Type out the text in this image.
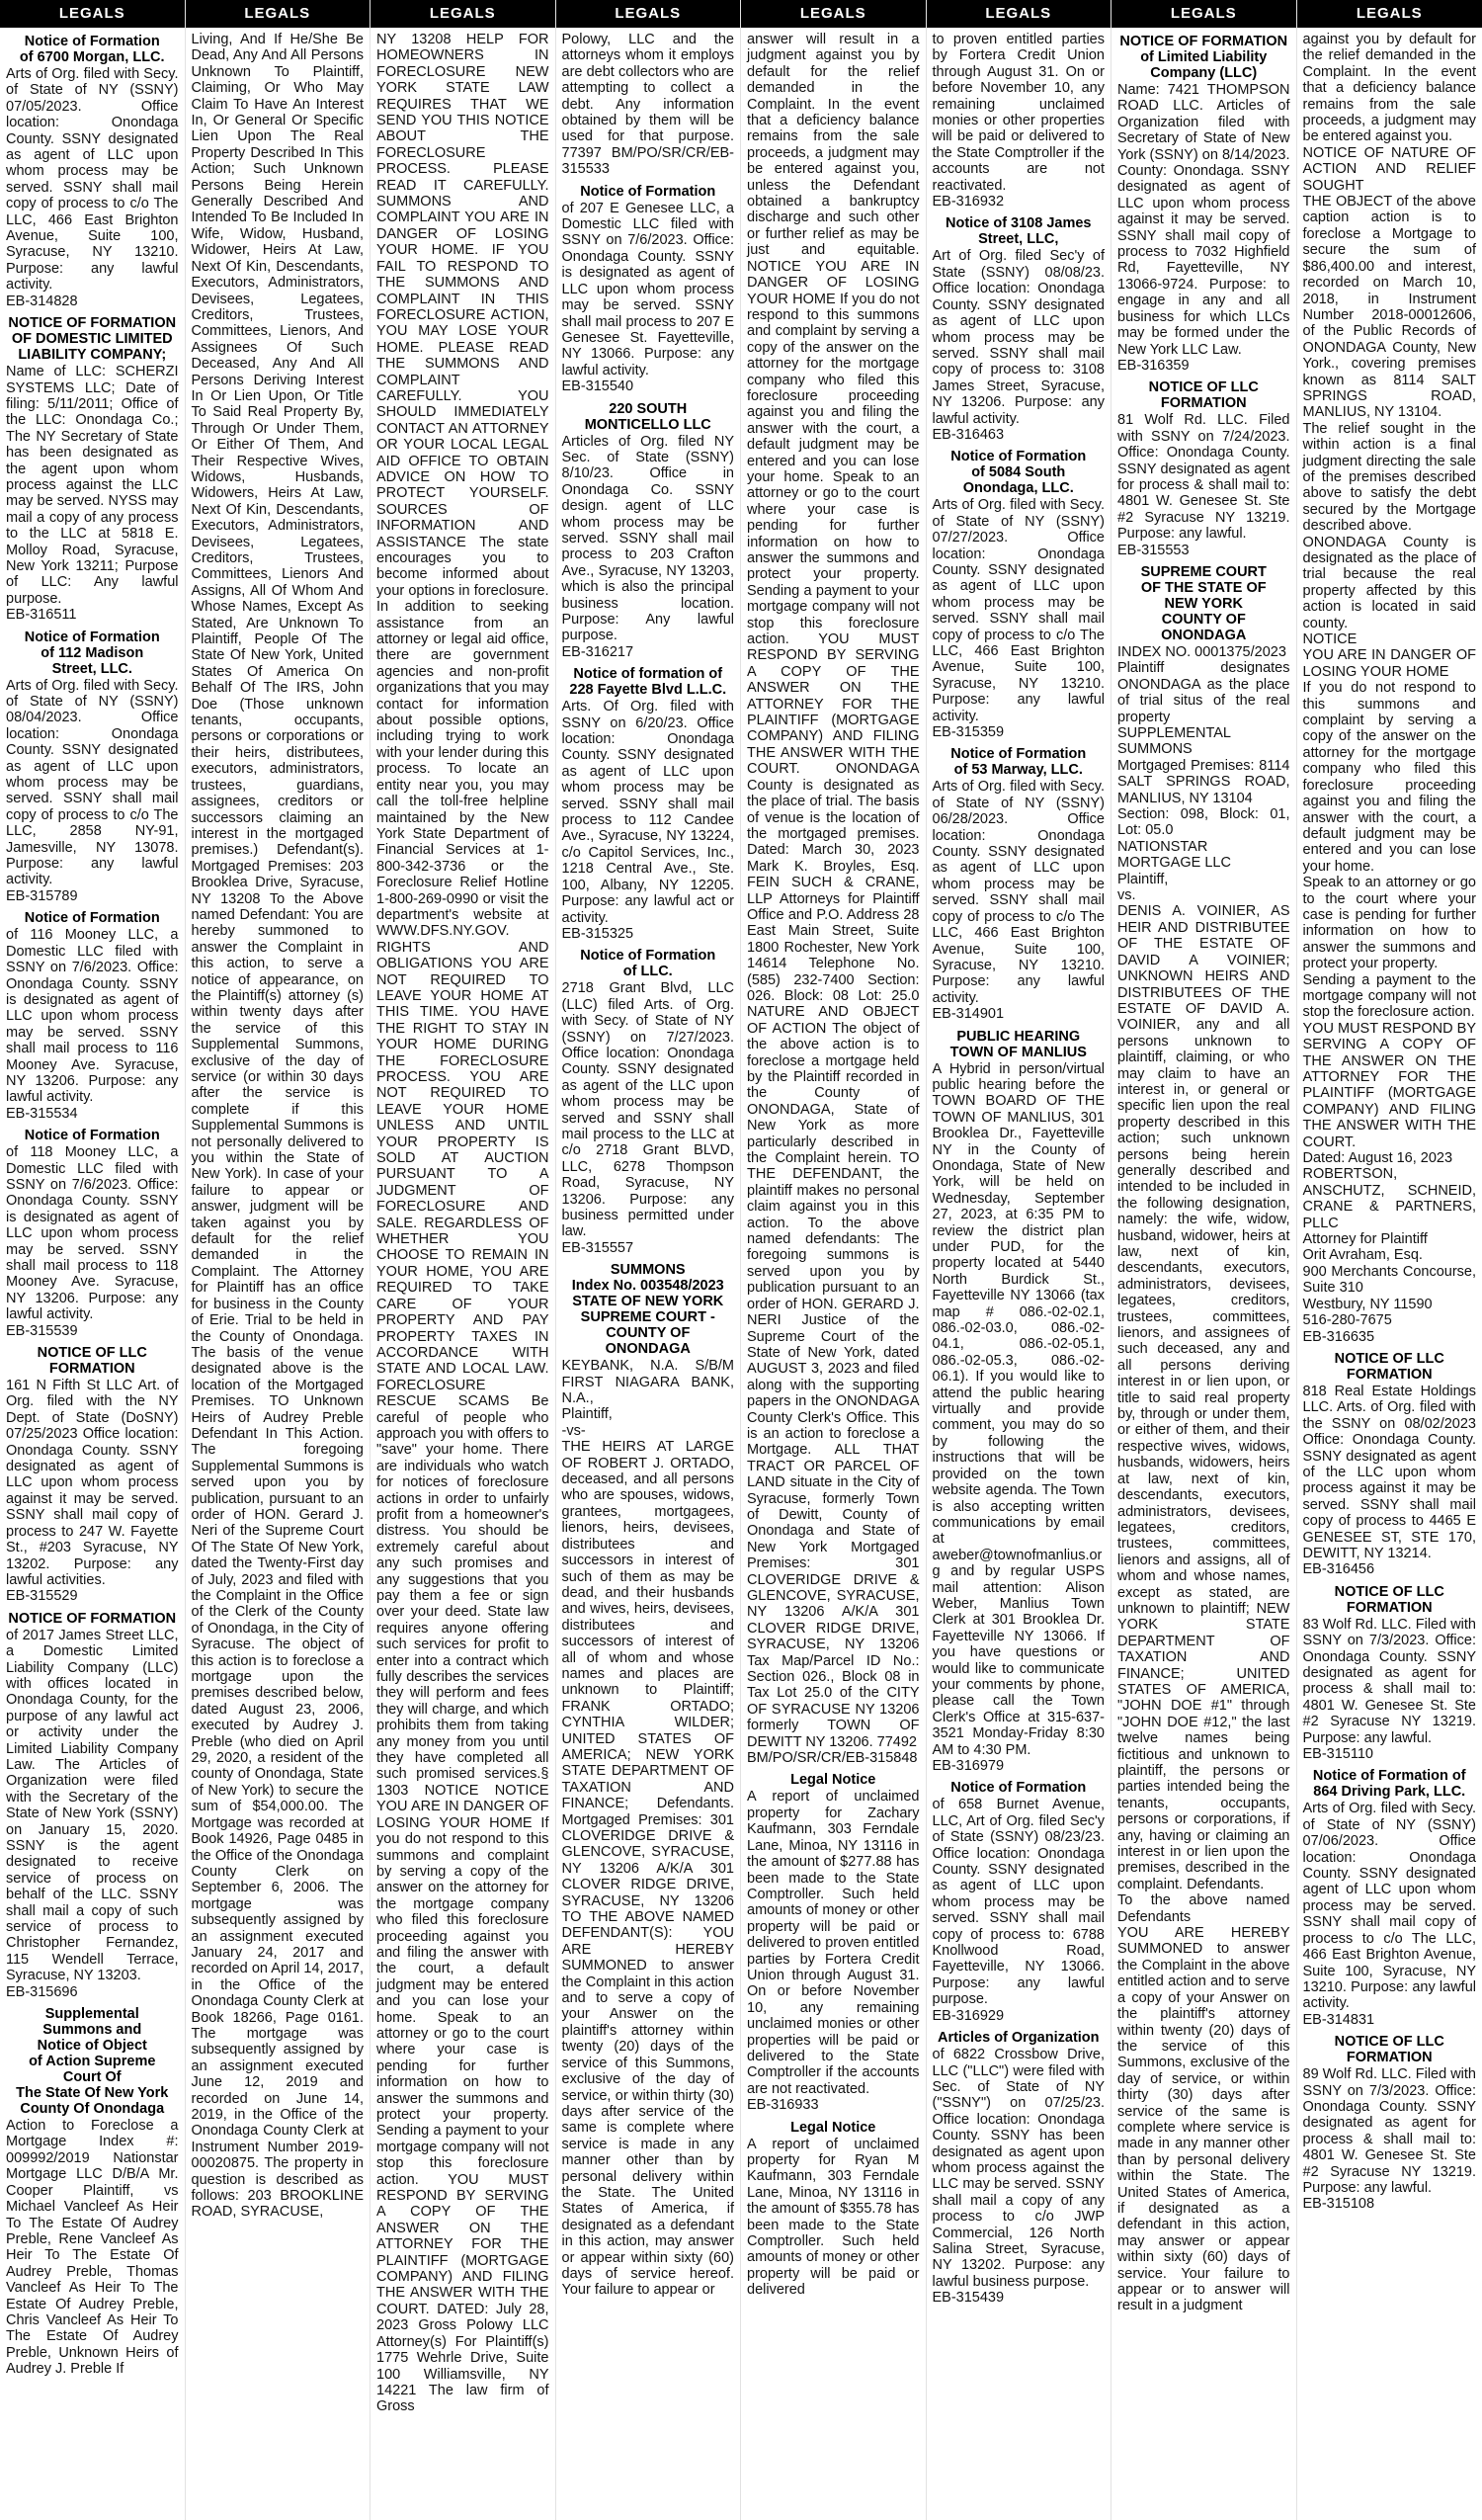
LEGALS
Notice of Formation
of 6700 Morgan, LLC.
Arts of Org. filed with Secy. of State of NY (SSNY) 07/05/2023. Office location: Onondaga County. SSNY designated as agent of LLC upon whom process may be served. SSNY shall mail copy of process to c/o The LLC, 466 East Brighton Avenue, Suite 100, Syracuse, NY 13210. Purpose: any lawful activity.
EB-314828
NOTICE OF FORMATION
OF DOMESTIC LIMITED
LIABILITY COMPANY;
Name of LLC: SCHERZI SYSTEMS LLC; Date of filing: 5/11/2011; Office of the LLC: Onondaga Co.; The NY Secretary of State has been designated as the agent upon whom process against the LLC may be served. NYSS may mail a copy of any process to the LLC at 5818 E. Molloy Road, Syracuse, New York 13211; Purpose of LLC: Any lawful purpose.
EB-316511
Notice of Formation
of 112 Madison
Street, LLC.
Arts of Org. filed with Secy. of State of NY (SSNY) 08/04/2023. Office location: Onondaga County. SSNY designated as agent of LLC upon whom process may be served. SSNY shall mail copy of process to c/o The LLC, 2858 NY-91, Jamesville, NY 13078. Purpose: any lawful activity.
EB-315789
Notice of Formation
of 116 Mooney LLC, a Domestic LLC filed with SSNY on 7/6/2023. Office: Onondaga County. SSNY is designated as agent of LLC upon whom process may be served. SSNY shall mail process to 116 Mooney Ave. Syracuse, NY 13206. Purpose: any lawful activity.
EB-315534
Notice of Formation
of 118 Mooney LLC, a Domestic LLC filed with SSNY on 7/6/2023. Office: Onondaga County. SSNY is designated as agent of LLC upon whom process may be served. SSNY shall mail process to 118 Mooney Ave. Syracuse, NY 13206. Purpose: any lawful activity.
EB-315539
NOTICE OF LLC
FORMATION
161 N Fifth St LLC Art. of Org. filed with the NY Dept. of State (DoSNY) 07/25/2023 Office location: Onondaga County. SSNY designated as agent of LLC upon whom process against it may be served. SSNY shall mail copy of process to 247 W. Fayette St., #203 Syracuse, NY 13202. Purpose: any lawful activities.
EB-315529
NOTICE OF FORMATION
of 2017 James Street LLC, a Domestic Limited Liability Company (LLC) with offices located in Onondaga County, for the purpose of any lawful act or activity under the Limited Liability Company Law. The Articles of Organization were filed with the Secretary of the State of New York (SSNY) on January 15, 2020. SSNY is the agent designated to receive service of process on behalf of the LLC. SSNY shall mail a copy of such service of process to Christopher Fernandez, 115 Wendell Terrace, Syracuse, NY 13203.
EB-315696
Supplemental
Summons and
Notice of Object
of Action Supreme
Court Of
The State Of New York
County Of Onondaga
Action to Foreclose a Mortgage Index #: 009992/2019 Nationstar Mortgage LLC D/B/A Mr. Cooper Plaintiff, vs Michael Vancleef As Heir To The Estate Of Audrey Preble, Rene Vancleef As Heir To The Estate Of Audrey Preble, Thomas Vancleef As Heir To The Estate Of Audrey Preble, Chris Vancleef As Heir To The Estate Of Audrey Preble, Unknown Heirs of Audrey J. Preble If
LEGALS
Living, And If He/She Be Dead, Any And All Persons Unknown To Plaintiff, Claiming, Or Who May Claim To Have An Interest In, Or General Or Specific Lien Upon The Real Property Described In This Action; Such Unknown Persons Being Herein Generally Described And Intended To Be Included In Wife, Widow, Husband, Widower, Heirs At Law, Next Of Kin, Descendants, Executors, Administrators, Devisees, Legatees, Creditors, Trustees, Committees, Lienors, And Assignees Of Such Deceased, Any And All Persons Deriving Interest In Or Lien Upon, Or Title To Said Real Property By, Through Or Under Them, Or Either Of Them, And Their Respective Wives, Widows, Husbands, Widowers, Heirs At Law, Next Of Kin, Descendants, Executors, Administrators, Devisees, Legatees, Creditors, Trustees, Committees, Lienors And Assigns, All Of Whom And Whose Names, Except As Stated, Are Unknown To Plaintiff, People Of The State Of New York, United States Of America On Behalf Of The IRS, John Doe (Those unknown tenants, occupants, persons or corporations or their heirs, distributees, executors, administrators, trustees, guardians, assignees, creditors or successors claiming an interest in the mortgaged premises.) Defendant(s). Mortgaged Premises: 203 Brooklea Drive, Syracuse, NY 13208 To the Above named Defendant: You are hereby summoned to answer the Complaint in this action, to serve a notice of appearance, on the Plaintiff(s) attorney (s) within twenty days after the service of this Supplemental Summons, exclusive of the day of service (or within 30 days after the service is complete if this Supplemental Summons is not personally delivered to you within the State of New York). In case of your failure to appear or answer, judgment will be taken against you by default for the relief demanded in the Complaint. The Attorney for Plaintiff has an office for business in the County of Erie. Trial to be held in the County of Onondaga. The basis of the venue designated above is the location of the Mortgaged Premises. TO Unknown Heirs of Audrey Preble Defendant In This Action. The foregoing Supplemental Summons is served upon you by publication, pursuant to an order of HON. Gerard J. Neri of the Supreme Court Of The State Of New York, dated the Twenty-First day of July, 2023 and filed with the Complaint in the Office of the Clerk of the County of Onondaga, in the City of Syracuse. The object of this action is to foreclose a mortgage upon the premises described below, dated August 23, 2006, executed by Audrey J. Preble (who died on April 29, 2020, a resident of the county of Onondaga, State of New York) to secure the sum of $54,000.00. The Mortgage was recorded at Book 14926, Page 0485 in the Office of the Onondaga County Clerk on September 6, 2006. The mortgage was subsequently assigned by an assignment executed January 24, 2017 and recorded on April 14, 2017, in the Office of the Onondaga County Clerk at Book 18266, Page 0161. The mortgage was subsequently assigned by an assignment executed June 12, 2019 and recorded on June 14, 2019, in the Office of the Onondaga County Clerk at Instrument Number 2019-00020875. The property in question is described as follows: 203 BROOKLINE ROAD, SYRACUSE,
LEGALS
NY 13208 HELP FOR HOMEOWNERS IN FORECLOSURE NEW YORK STATE LAW REQUIRES THAT WE SEND YOU THIS NOTICE ABOUT THE FORECLOSURE PROCESS. PLEASE READ IT CAREFULLY. SUMMONS AND COMPLAINT YOU ARE IN DANGER OF LOSING YOUR HOME. IF YOU FAIL TO RESPOND TO THE SUMMONS AND COMPLAINT IN THIS FORECLOSURE ACTION, YOU MAY LOSE YOUR HOME. PLEASE READ THE SUMMONS AND COMPLAINT CAREFULLY. YOU SHOULD IMMEDIATELY CONTACT AN ATTORNEY OR YOUR LOCAL LEGAL AID OFFICE TO OBTAIN ADVICE ON HOW TO PROTECT YOURSELF. SOURCES OF INFORMATION AND ASSISTANCE The state encourages you to become informed about your options in foreclosure. In addition to seeking assistance from an attorney or legal aid office, there are government agencies and non-profit organizations that you may contact for information about possible options, including trying to work with your lender during this process. To locate an entity near you, you may call the toll-free helpline maintained by the New York State Department of Financial Services at 1-800-342-3736 or the Foreclosure Relief Hotline 1-800-269-0990 or visit the department's website at WWW.DFS.NY.GOV. RIGHTS AND OBLIGATIONS YOU ARE NOT REQUIRED TO LEAVE YOUR HOME AT THIS TIME. YOU HAVE THE RIGHT TO STAY IN YOUR HOME DURING THE FORECLOSURE PROCESS. YOU ARE NOT REQUIRED TO LEAVE YOUR HOME UNLESS AND UNTIL YOUR PROPERTY IS SOLD AT AUCTION PURSUANT TO A JUDGMENT OF FORECLOSURE AND SALE. REGARDLESS OF WHETHER YOU CHOOSE TO REMAIN IN YOUR HOME, YOU ARE REQUIRED TO TAKE CARE OF YOUR PROPERTY AND PAY PROPERTY TAXES IN ACCORDANCE WITH STATE AND LOCAL LAW. FORECLOSURE RESCUE SCAMS Be careful of people who approach you with offers to "save" your home. There are individuals who watch for notices of foreclosure actions in order to unfairly profit from a homeowner's distress. You should be extremely careful about any such promises and any suggestions that you pay them a fee or sign over your deed. State law requires anyone offering such services for profit to enter into a contract which fully describes the services they will perform and fees they will charge, and which prohibits them from taking any money from you until they have completed all such promised services.§ 1303 NOTICE NOTICE YOU ARE IN DANGER OF LOSING YOUR HOME If you do not respond to this summons and complaint by serving a copy of the answer on the attorney for the mortgage company who filed this foreclosure proceeding against you and filing the answer with the court, a default judgment may be entered and you can lose your home. Speak to an attorney or go to the court where your case is pending for further information on how to answer the summons and protect your property. Sending a payment to your mortgage company will not stop this foreclosure action. YOU MUST RESPOND BY SERVING A COPY OF THE ANSWER ON THE ATTORNEY FOR THE PLAINTIFF (MORTGAGE COMPANY) AND FILING THE ANSWER WITH THE COURT. DATED: July 28, 2023 Gross Polowy LLC Attorney(s) For Plaintiff(s) 1775 Wehrle Drive, Suite 100 Williamsville, NY 14221 The law firm of Gross
LEGALS
Polowy, LLC and the attorneys whom it employs are debt collectors who are attempting to collect a debt. Any information obtained by them will be used for that purpose. 77397 BM/PO/SR/CR/EB-315533
Notice of Formation
of 207 E Genesee LLC, a Domestic LLC filed with SSNY on 7/6/2023. Office: Onondaga County. SSNY is designated as agent of LLC upon whom process may be served. SSNY shall mail process to 207 E Genesee St. Fayetteville, NY 13066. Purpose: any lawful activity.
EB-315540
220 SOUTH
MONTICELLO LLC
Articles of Org. filed NY Sec. of State (SSNY) 8/10/23. Office in Onondaga Co. SSNY design. agent of LLC whom process may be served. SSNY shall mail process to 203 Crafton Ave., Syracuse, NY 13203, which is also the principal business location. Purpose: Any lawful purpose.
EB-316217
Notice of formation of
228 Fayette Blvd L.L.C.
Arts. Of Org. filed with SSNY on 6/20/23. Office location: Onondaga County. SSNY designated as agent of LLC upon whom process may be served. SSNY shall mail process to 112 Candee Ave., Syracuse, NY 13224, c/o Capitol Services, Inc., 1218 Central Ave., Ste. 100, Albany, NY 12205. Purpose: any lawful act or activity.
EB-315325
Notice of Formation
of LLC.
2718 Grant Blvd, LLC (LLC) filed Arts. of Org. with Secy. of State of NY (SSNY) on 7/27/2023. Office location: Onondaga County. SSNY designated as agent of the LLC upon whom process may be served and SSNY shall mail process to the LLC at c/o 2718 Grant BLVD, LLC, 6278 Thompson Road, Syracuse, NY 13206. Purpose: any business permitted under law.
EB-315557
SUMMONS
Index No. 003548/2023
STATE OF NEW YORK
SUPREME COURT -
COUNTY OF ONONDAGA
KEYBANK, N.A. S/B/M FIRST NIAGARA BANK, N.A.,
Plaintiff,
-vs-
THE HEIRS AT LARGE OF ROBERT J. ORTADO, deceased, and all persons who are spouses, widows, grantees, mortgagees, lienors, heirs, devisees, distributees and successors in interest of such of them as may be dead, and their husbands and wives, heirs, devisees, distributees and successors of interest of all of whom and whose names and places are unknown to Plaintiff; FRANK ORTADO; CYNTHIA WILDER; UNITED STATES OF AMERICA; NEW YORK STATE DEPARTMENT OF TAXATION AND FINANCE; Defendants. Mortgaged Premises: 301 CLOVERIDGE DRIVE & GLENCOVE, SYRACUSE, NY 13206 A/K/A 301 CLOVER RIDGE DRIVE, SYRACUSE, NY 13206 TO THE ABOVE NAMED DEFENDANT(S): YOU ARE HEREBY SUMMONED to answer the Complaint in this action and to serve a copy of your Answer on the plaintiff's attorney within twenty (20) days of the service of this Summons, exclusive of the day of service, or within thirty (30) days after service of the same is complete where service is made in any manner other than by personal delivery within the State. The United States of America, if designated as a defendant in this action, may answer or appear within sixty (60) days of service hereof. Your failure to appear or
LEGALS
answer will result in a judgment against you by default for the relief demanded in the Complaint. In the event that a deficiency balance remains from the sale proceeds, a judgment may be entered against you, unless the Defendant obtained a bankruptcy discharge and such other or further relief as may be just and equitable. NOTICE YOU ARE IN DANGER OF LOSING YOUR HOME If you do not respond to this summons and complaint by serving a copy of the answer on the attorney for the mortgage company who filed this foreclosure proceeding against you and filing the answer with the court, a default judgment may be entered and you can lose your home. Speak to an attorney or go to the court where your case is pending for further information on how to answer the summons and protect your property. Sending a payment to your mortgage company will not stop this foreclosure action. YOU MUST RESPOND BY SERVING A COPY OF THE ANSWER ON THE ATTORNEY FOR THE PLAINTIFF (MORTGAGE COMPANY) AND FILING THE ANSWER WITH THE COURT. ONONDAGA County is designated as the place of trial. The basis of venue is the location of the mortgaged premises. Dated: March 30, 2023 Mark K. Broyles, Esq. FEIN SUCH & CRANE, LLP Attorneys for Plaintiff Office and P.O. Address 28 East Main Street, Suite 1800 Rochester, New York 14614 Telephone No. (585) 232-7400 Section: 026. Block: 08 Lot: 25.0 NATURE AND OBJECT OF ACTION The object of the above action is to foreclose a mortgage held by the Plaintiff recorded in the County of ONONDAGA, State of New York as more particularly described in the Complaint herein. TO THE DEFENDANT, the plaintiff makes no personal claim against you in this action. To the above named defendants: The foregoing summons is served upon you by publication pursuant to an order of HON. GERARD J. NERI Justice of the Supreme Court of the State of New York, dated AUGUST 3, 2023 and filed along with the supporting papers in the ONONDAGA County Clerk's Office. This is an action to foreclose a Mortgage. ALL THAT TRACT OR PARCEL OF LAND situate in the City of Syracuse, formerly Town of Dewitt, County of Onondaga and State of New York Mortgaged Premises: 301 CLOVERIDGE DRIVE & GLENCOVE, SYRACUSE, NY 13206 A/K/A 301 CLOVER RIDGE DRIVE, SYRACUSE, NY 13206 Tax Map/Parcel ID No.: Section 026., Block 08 in Tax Lot 25.0 of the CITY OF SYRACUSE NY 13206 formerly TOWN OF DEWITT NY 13206. 77492
BM/PO/SR/CR/EB-315848
Legal Notice
A report of unclaimed property for Zachary Kaufmann, 303 Ferndale Lane, Minoa, NY 13116 in the amount of $277.88 has been made to the State Comptroller. Such held amounts of money or other property will be paid or delivered to proven entitled parties by Fortera Credit Union through August 31. On or before November 10, any remaining unclaimed monies or other properties will be paid or delivered to the State Comptroller if the accounts are not reactivated.
EB-316933
Legal Notice
A report of unclaimed property for Ryan M Kaufmann, 303 Ferndale Lane, Minoa, NY 13116 in the amount of $355.78 has been made to the State Comptroller. Such held amounts of money or other property will be paid or delivered
LEGALS
to proven entitled parties by Fortera Credit Union through August 31. On or before November 10, any remaining unclaimed monies or other properties will be paid or delivered to the State Comptroller if the accounts are not reactivated.
EB-316932
Notice of 3108 James
Street, LLC,
Art of Org. filed Sec'y of State (SSNY) 08/08/23. Office location: Onondaga County. SSNY designated as agent of LLC upon whom process may be served. SSNY shall mail copy of process to: 3108 James Street, Syracuse, NY 13206. Purpose: any lawful activity.
EB-316463
Notice of Formation
of 5084 South
Onondaga, LLC.
Arts of Org. filed with Secy. of State of NY (SSNY) 07/27/2023. Office location: Onondaga County. SSNY designated as agent of LLC upon whom process may be served. SSNY shall mail copy of process to c/o The LLC, 466 East Brighton Avenue, Suite 100, Syracuse, NY 13210. Purpose: any lawful activity.
EB-315359
Notice of Formation
of 53 Marway, LLC.
Arts of Org. filed with Secy. of State of NY (SSNY) 06/28/2023. Office location: Onondaga County. SSNY designated as agent of LLC upon whom process may be served. SSNY shall mail copy of process to c/o The LLC, 466 East Brighton Avenue, Suite 100, Syracuse, NY 13210. Purpose: any lawful activity.
EB-314901
PUBLIC HEARING
TOWN OF MANLIUS
A Hybrid in person/virtual public hearing before the TOWN BOARD OF THE TOWN OF MANLIUS, 301 Brooklea Dr., Fayetteville NY in the County of Onondaga, State of New York, will be held on Wednesday, September 27, 2023, at 6:35 PM to review the district plan under PUD, for the property located at 5440 North Burdick St., Fayetteville NY 13066 (tax map # 086.-02-02.1, 086.-02-03.0, 086.-02-04.1, 086.-02-05.1, 086.-02-05.3, 086.-02-06.1). If you would like to attend the public hearing virtually and provide comment, you may do so by following the instructions that will be provided on the town website agenda. The Town is also accepting written communications by email at aweber@townofmanlius.org and by regular USPS mail attention: Alison Weber, Manlius Town Clerk at 301 Brooklea Dr. Fayetteville NY 13066. If you have questions or would like to communicate your comments by phone, please call the Town Clerk's Office at 315-637-3521 Monday-Friday 8:30 AM to 4:30 PM.
EB-316979
Notice of Formation
of 658 Burnet Avenue, LLC, Art of Org. filed Sec'y of State (SSNY) 08/23/23. Office location: Onondaga County. SSNY designated as agent of LLC upon whom process may be served. SSNY shall mail copy of process to: 6788 Knollwood Road, Fayetteville, NY 13066. Purpose: any lawful purpose.
EB-316929
Articles of Organization
of 6822 Crossbow Drive, LLC ("LLC") were filed with Sec. of State of NY ("SSNY") on 07/25/23. Office location: Onondaga County. SSNY has been designated as agent upon whom process against the LLC may be served. SSNY shall mail a copy of any process to c/o JWP Commercial, 126 North Salina Street, Syracuse, NY 13202. Purpose: any lawful business purpose.
EB-315439
LEGALS
NOTICE OF FORMATION
of Limited Liability
Company (LLC)
Name: 7421 THOMPSON ROAD LLC. Articles of Organization filed with Secretary of State of New York (SSNY) on 8/14/2023. County: Onondaga. SSNY designated as agent of LLC upon whom process against it may be served. SSNY shall mail copy of process to 7032 Highfield Rd, Fayetteville, NY 13066-9724. Purpose: to engage in any and all business for which LLCs may be formed under the New York LLC Law.
EB-316359
NOTICE OF LLC
FORMATION
81 Wolf Rd. LLC. Filed with SSNY on 7/24/2023. Office: Onondaga County. SSNY designated as agent for process & shall mail to: 4801 W. Genesee St. Ste #2 Syracuse NY 13219. Purpose: any lawful.
EB-315553
SUPREME COURT
OF THE STATE OF
NEW YORK
COUNTY OF ONONDAGA
INDEX NO. 0001375/2023
Plaintiff designates ONONDAGA as the place of trial situs of the real property
SUPPLEMENTAL SUMMONS
Mortgaged Premises: 8114 SALT SPRINGS ROAD, MANLIUS, NY 13104
Section: 098, Block: 01, Lot: 05.0
NATIONSTAR MORTGAGE LLC
Plaintiff,
vs.
DENIS A. VOINIER, AS HEIR AND DISTRIBUTEE OF THE ESTATE OF DAVID A VOINIER; UNKNOWN HEIRS AND DISTRIBUTEES OF THE ESTATE OF DAVID A. VOINIER, any and all persons unknown to plaintiff, claiming, or who may claim to have an interest in, or general or specific lien upon the real property described in this action; such unknown persons being herein generally described and intended to be included in the following designation, namely: the wife, widow, husband, widower, heirs at law, next of kin, descendants, executors, administrators, devisees, legatees, creditors, trustees, committees, lienors, and assignees of such deceased, any and all persons deriving interest in or lien upon, or title to said real property by, through or under them, or either of them, and their respective wives, widows, husbands, widowers, heirs at law, next of kin, descendants, executors, administrators, devisees, legatees, creditors, trustees, committees, lienors and assigns, all of whom and whose names, except as stated, are unknown to plaintiff; NEW YORK STATE DEPARTMENT OF TAXATION AND FINANCE; UNITED STATES OF AMERICA, "JOHN DOE #1" through "JOHN DOE #12," the last twelve names being fictitious and unknown to plaintiff, the persons or parties intended being the tenants, occupants, persons or corporations, if any, having or claiming an interest in or lien upon the premises, described in the complaint. Defendants.
To the above named Defendants
YOU ARE HEREBY SUMMONED to answer the Complaint in the above entitled action and to serve a copy of your Answer on the plaintiff's attorney within twenty (20) days of the service of this Summons, exclusive of the day of service, or within thirty (30) days after service of the same is complete where service is made in any manner other than by personal delivery within the State. The United States of America, if designated as a defendant in this action, may answer or appear within sixty (60) days of service. Your failure to appear or to answer will result in a judgment
LEGALS
against you by default for the relief demanded in the Complaint. In the event that a deficiency balance remains from the sale proceeds, a judgment may be entered against you.
NOTICE OF NATURE OF ACTION AND RELIEF SOUGHT
THE OBJECT of the above caption action is to foreclose a Mortgage to secure the sum of $86,400.00 and interest, recorded on March 10, 2018, in Instrument Number 2018-00012606, of the Public Records of ONONDAGA County, New York., covering premises known as 8114 SALT SPRINGS ROAD, MANLIUS, NY 13104.
The relief sought in the within action is a final judgment directing the sale of the premises described above to satisfy the debt secured by the Mortgage described above.
ONONDAGA County is designated as the place of trial because the real property affected by this action is located in said county.
NOTICE
YOU ARE IN DANGER OF LOSING YOUR HOME
If you do not respond to this summons and complaint by serving a copy of the answer on the attorney for the mortgage company who filed this foreclosure proceeding against you and filing the answer with the court, a default judgment may be entered and you can lose your home.
Speak to an attorney or go to the court where your case is pending for further information on how to answer the summons and protect your property.
Sending a payment to the mortgage company will not stop the foreclosure action.
YOU MUST RESPOND BY SERVING A COPY OF THE ANSWER ON THE ATTORNEY FOR THE PLAINTIFF (MORTGAGE COMPANY) AND FILING THE ANSWER WITH THE COURT.
Dated: August 16, 2023
ROBERTSON, ANSCHUTZ, SCHNEID, CRANE & PARTNERS, PLLC
Attorney for Plaintiff
Orit Avraham, Esq.
900 Merchants Concourse, Suite 310
Westbury, NY 11590
516-280-7675
EB-316635
NOTICE OF LLC
FORMATION
818 Real Estate Holdings LLC. Arts. of Org. filed with the SSNY on 08/02/2023 Office: Onondaga County. SSNY designated as agent of the LLC upon whom process against it may be served. SSNY shall mail copy of process to 4465 E GENESEE ST, STE 170, DEWITT, NY 13214.
EB-316456
NOTICE OF LLC
FORMATION
83 Wolf Rd. LLC. Filed with SSNY on 7/3/2023. Office: Onondaga County. SSNY designated as agent for process & shall mail to: 4801 W. Genesee St. Ste #2 Syracuse NY 13219. Purpose: any lawful.
EB-315110
Notice of Formation of
864 Driving Park, LLC.
Arts of Org. filed with Secy. of State of NY (SSNY) 07/06/2023. Office location: Onondaga County. SSNY designated agent of LLC upon whom process may be served. SSNY shall mail copy of process to c/o The LLC, 466 East Brighton Avenue, Suite 100, Syracuse, NY 13210. Purpose: any lawful activity.
EB-314831
NOTICE OF LLC
FORMATION
89 Wolf Rd. LLC. Filed with SSNY on 7/3/2023. Office: Onondaga County. SSNY designated as agent for process & shall mail to: 4801 W. Genesee St. Ste #2 Syracuse NY 13219. Purpose: any lawful.
EB-315108
